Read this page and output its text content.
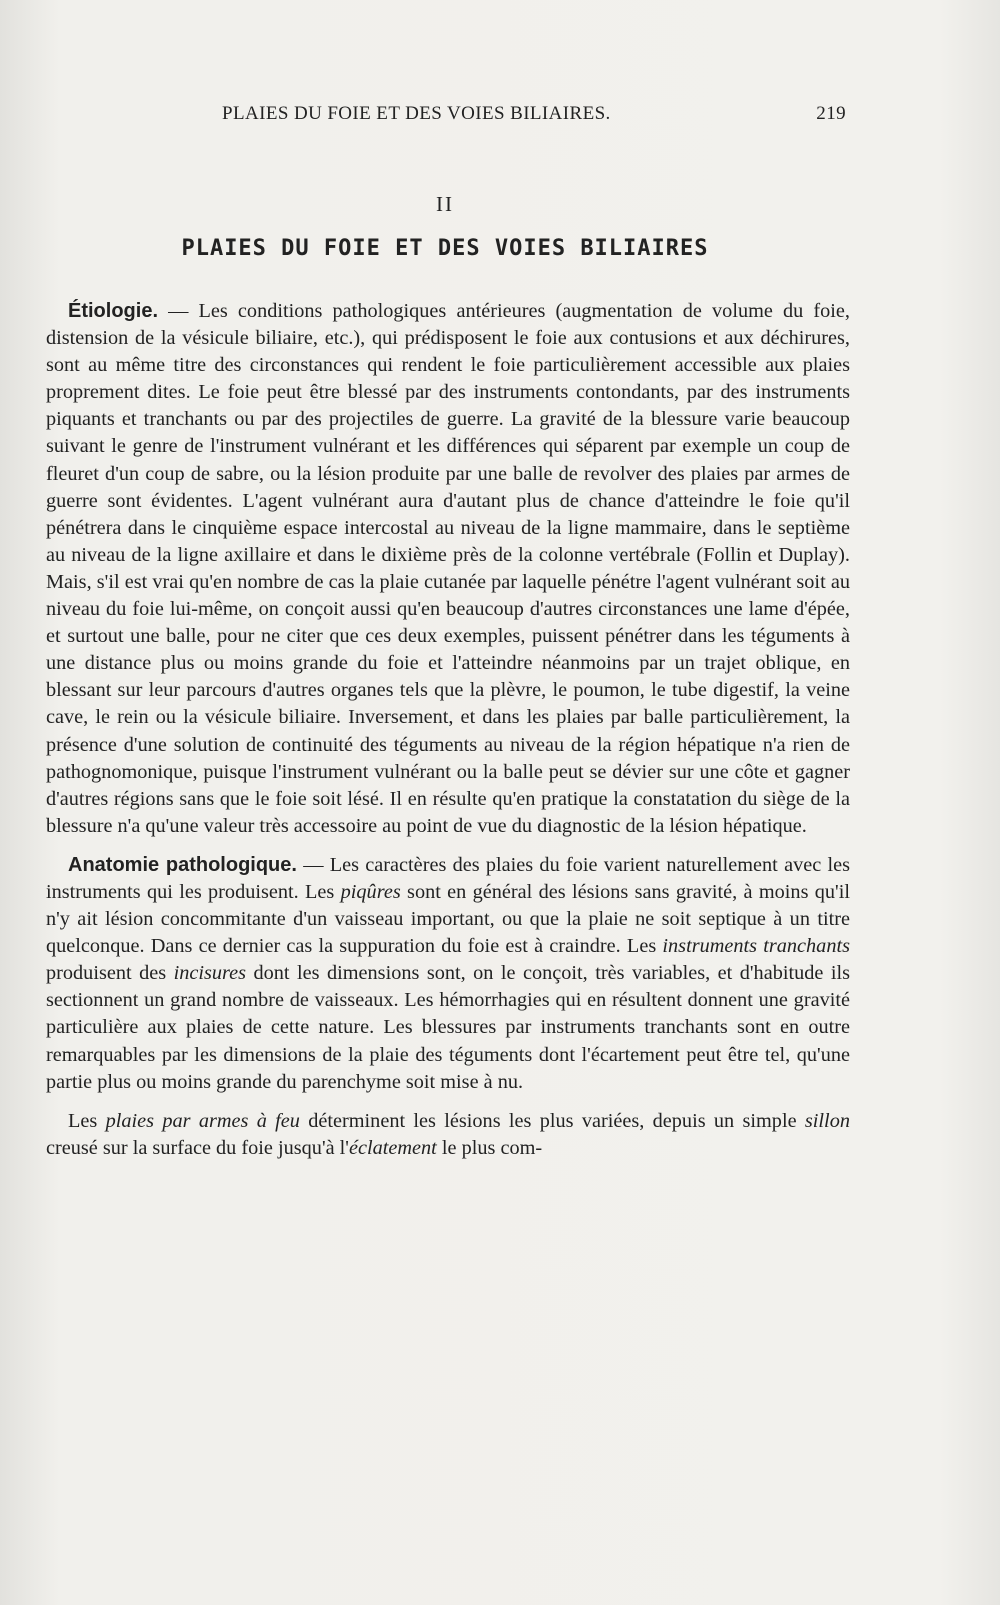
PLAIES DU FOIE ET DES VOIES BILIAIRES.	219
II
PLAIES DU FOIE ET DES VOIES BILIAIRES

Étiologie. — Les conditions pathologiques antérieures (augmentation de volume du foie, distension de la vésicule biliaire, etc.), qui prédisposent le foie aux contusions et aux déchirures, sont au même titre des circonstances qui rendent le foie particulièrement accessible aux plaies proprement dites. Le foie peut être blessé par des instruments contondants, par des instruments piquants et tranchants ou par des projectiles de guerre. La gravité de la blessure varie beaucoup suivant le genre de l'instrument vulnérant et les différences qui séparent par exemple un coup de fleuret d'un coup de sabre, ou la lésion produite par une balle de revolver des plaies par armes de guerre sont évidentes. L'agent vulnérant aura d'autant plus de chance d'atteindre le foie qu'il pénétrera dans le cinquième espace intercostal au niveau de la ligne mammaire, dans le septième au niveau de la ligne axillaire et dans le dixième près de la colonne vertébrale (Follin et Duplay). Mais, s'il est vrai qu'en nombre de cas la plaie cutanée par laquelle pénétre l'agent vulnérant soit au niveau du foie lui-même, on conçoit aussi qu'en beaucoup d'autres circonstances une lame d'épée, et surtout une balle, pour ne citer que ces deux exemples, puissent pénétrer dans les téguments à une distance plus ou moins grande du foie et l'atteindre néanmoins par un trajet oblique, en blessant sur leur parcours d'autres organes tels que la plèvre, le poumon, le tube digestif, la veine cave, le rein ou la vésicule biliaire. Inversement, et dans les plaies par balle particulièrement, la présence d'une solution de continuité des téguments au niveau de la région hépatique n'a rien de pathognomonique, puisque l'instrument vulnérant ou la balle peut se dévier sur une côte et gagner d'autres régions sans que le foie soit lésé. Il en résulte qu'en pratique la constatation du siège de la blessure n'a qu'une valeur très accessoire au point de vue du diagnostic de la lésion hépatique.

Anatomie pathologique. — Les caractères des plaies du foie varient naturellement avec les instruments qui les produisent. Les piqûres sont en général des lésions sans gravité, à moins qu'il n'y ait lésion concommitante d'un vaisseau important, ou que la plaie ne soit septique à un titre quelconque. Dans ce dernier cas la suppuration du foie est à craindre. Les instruments tranchants produisent des incisures dont les dimensions sont, on le conçoit, très variables, et d'habitude ils sectionnent un grand nombre de vaisseaux. Les hémorrhagies qui en résultent donnent une gravité particulière aux plaies de cette nature. Les blessures par instruments tranchants sont en outre remarquables par les dimensions de la plaie des téguments dont l'écartement peut être tel, qu'une partie plus ou moins grande du parenchyme soit mise à nu.

Les plaies par armes à feu déterminent les lésions les plus variées, depuis un simple sillon creusé sur la surface du foie jusqu'à l'éclatement le plus com-
